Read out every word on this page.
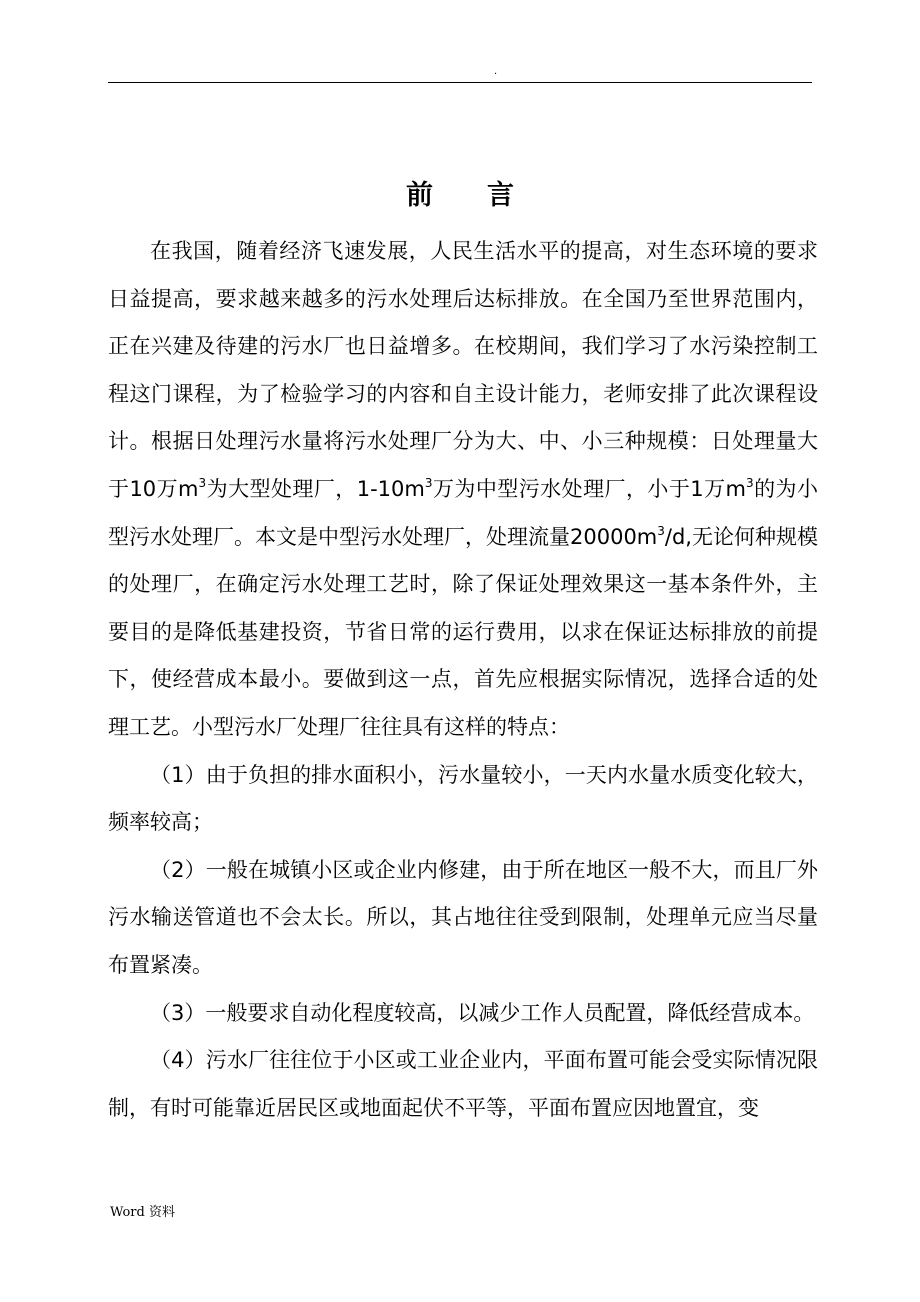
.
前言

在我国，随着经济飞速发展，人民生活水平的提高，对生态环境的要求日益提高，要求越来越多的污水处理后达标排放。在全国乃至世界范围内，正在兴建及待建的污水厂也日益增多。在校期间，我们学习了水污染控制工程这门课程，为了检验学习的内容和自主设计能力，老师安排了此次课程设计。根据日处理污水量将污水处理厂分为大、中、小三种规模：日处理量大于10万$m^3$为大型处理厂，$1-10m^3$万为中型污水处理厂，小于1万$m^3$的为小型污水处理厂。本文是中型污水处理厂，处理流量$20000m^3/d$,无论何种规模的处理厂，在确定污水处理工艺时，除了保证处理效果这一基本条件外，主要目的是降低基建投资，节省日常的运行费用，以求在保证达标排放的前提下，使经营成本最小。要做到这一点，首先应根据实际情况，选择合适的处理工艺。小型污水厂处理厂往往具有这样的特点：

（1）由于负担的排水面积小，污水量较小，一天内水量水质变化较大，频率较高；

（2）一般在城镇小区或企业内修建，由于所在地区一般不大，而且厂外污水输送管道也不会太长。所以，其占地往往受到限制，处理单元应当尽量布置紧凑。

（3）一般要求自动化程度较高，以减少工作人员配置，降低经营成本。

（4）污水厂往往位于小区或工业企业内，平面布置可能会受实际情况限制，有时可能靠近居民区或地面起伏不平等，平面布置应因地置宜，变

Word 资料
